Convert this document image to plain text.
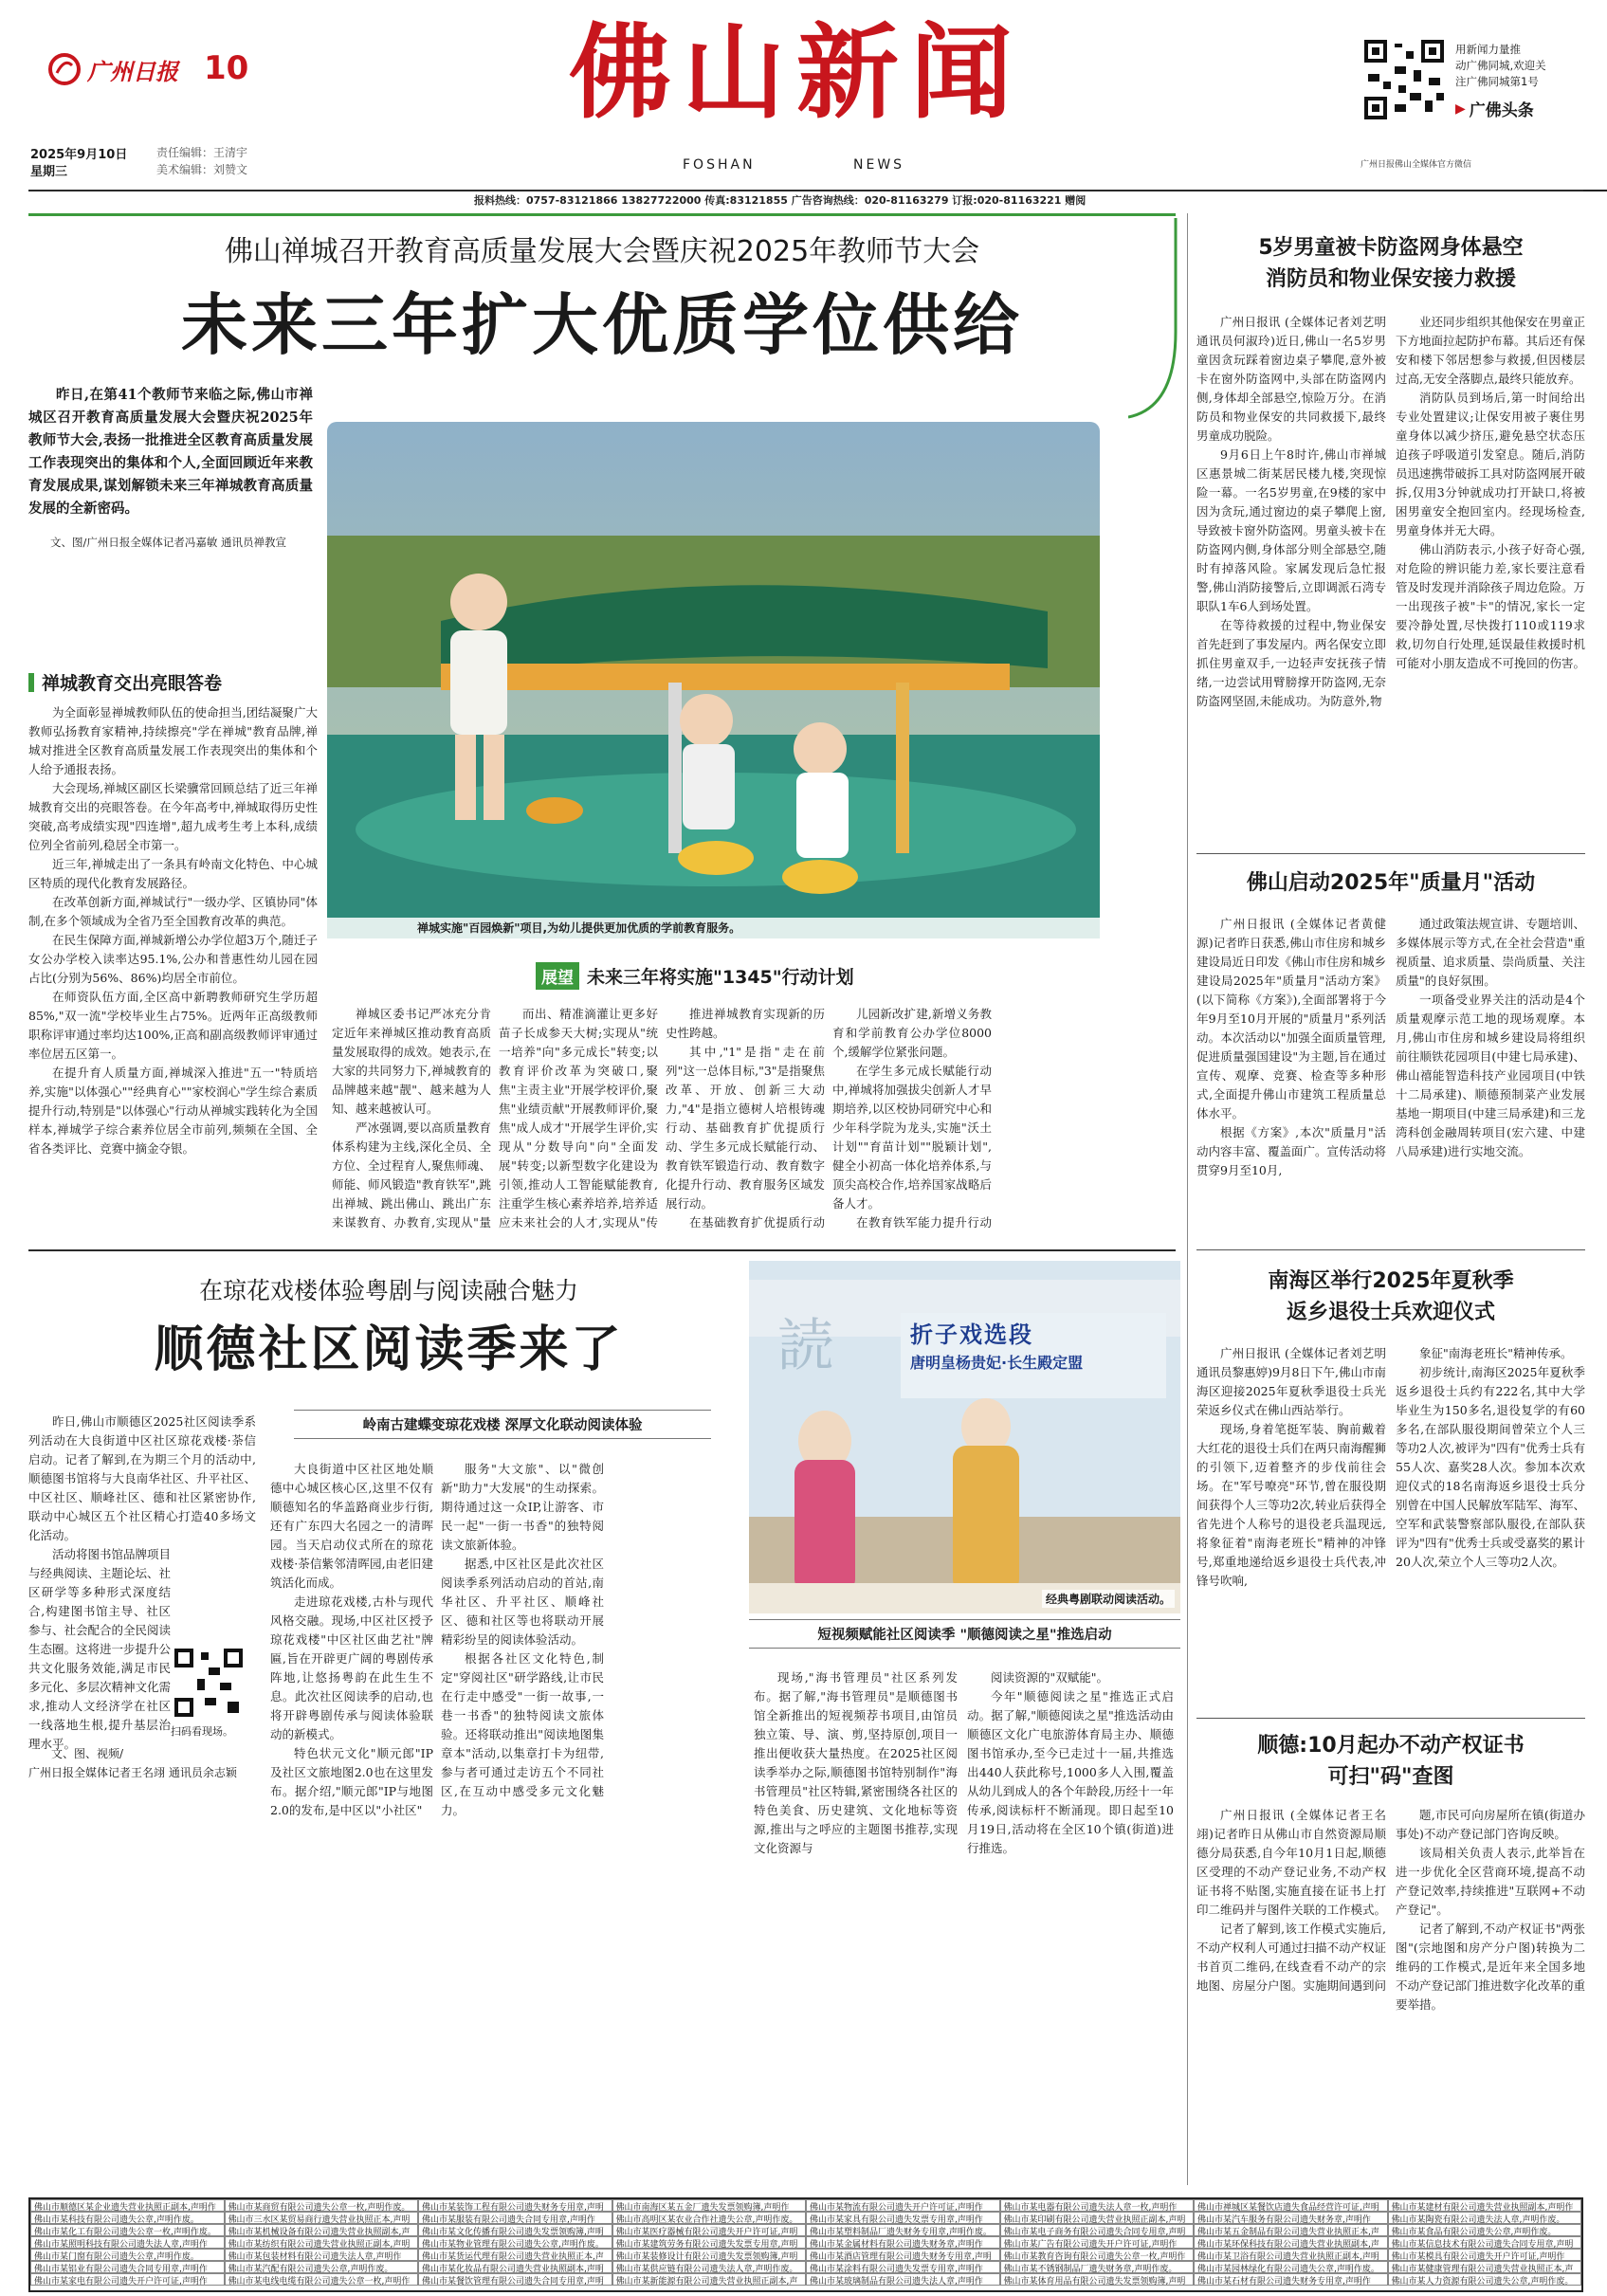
广州日报 10
2025年9月10日
星期三
责任编辑：王清宇
美术编辑：刘赞文
佛山新闻
FOSHAN	NEWS
用新闻力量推
动广佛同城,欢迎关
注广佛同城第1号
▶ 广佛头条
广州日报佛山全媒体官方微信
报料热线：0757-83121866 13827722000 传真:83121855 广告咨询热线：020-81163279 订报:020-81163221 赠阅
佛山禅城召开教育高质量发展大会暨庆祝2025年教师节大会
未来三年扩大优质学位供给

昨日,在第41个教师节来临之际,佛山市禅城区召开教育高质量发展大会暨庆祝2025年教师节大会,表扬一批推进全区教育高质量发展工作表现突出的集体和个人,全面回顾近年来教育发展成果,谋划解锁未来三年禅城教育高质量发展的全新密码。

文、图/广州日报全媒体记者冯嘉敏 通讯员禅教宣

禅城实施"百园焕新"项目,为幼儿提供更加优质的学前教育服务。
禅城教育交出亮眼答卷

为全面彰显禅城教师队伍的使命担当,团结凝聚广大教师弘扬教育家精神,持续擦亮"学在禅城"教育品牌,禅城对推进全区教育高质量发展工作表现突出的集体和个人给予通报表扬。

大会现场,禅城区副区长梁骥常回顾总结了近三年禅城教育交出的亮眼答卷。在今年高考中,禅城取得历史性突破,高考成绩实现"四连增",超九成考生考上本科,成绩位列全省前列,稳居全市第一。

近三年,禅城走出了一条具有岭南文化特色、中心城区特质的现代化教育发展路径。

在改革创新方面,禅城试行"一级办学、区镇协同"体制,在多个领域成为全省乃至全国教育改革的典范。

在民生保障方面,禅城新增公办学位超3万个,随迁子女公办学校入读率达95.1%,公办和普惠性幼儿园在园占比(分别为56%、86%)均居全市前位。

在师资队伍方面,全区高中新聘教师研究生学历超85%,"双一流"学校毕业生占75%。近两年正高级教师职称评审通过率均达100%,正高和副高级教师评审通过率位居五区第一。

在提升育人质量方面,禅城深入推进"五一"特质培养,实施"以体强心""经典育心""家校润心"学生综合素质提升行动,特别是"以体强心"行动从禅城实践转化为全国样本,禅城学子综合素养位居全市前列,频频在全国、全省各类评比、竞赛中摘金夺银。

展望 未来三年将实施"1345"行动计划

禅城区委书记严冰充分肯定近年来禅城区推动教育高质量发展取得的成效。她表示,在大家的共同努力下,禅城教育的品牌越来越"靓"、越来越为人知、越来越被认可。

严冰强调,要以高质量教育体系构建为主线,深化全员、全方位、全过程育人,聚焦师魂、师能、师风锻造"教育铁军",跳出禅城、跳出佛山、跳出广东来谋教育、办教育,实现从"量

而出、精准滴灌让更多好苗子长成参天大树;实现从"统一培养"向"多元成长"转变;以教育评价改革为突破口,聚焦"主责主业"开展学校评价,聚焦"业绩贡献"开展教师评价,聚焦"成人成才"开展学生评价,实现从"分数导向"向"全面发展"转变;以新型数字化建设为引领,推动人工智能赋能教育,注重学生核心素养培养,培养适应未来社会的人才,实现从"传

推进禅城教育实现新的历史性跨越。

其中,"1"是指"走在前列"这一总体目标,"3"是指聚焦改革、开放、创新三大动力,"4"是指立德树人培根铸魂行动、基础教育扩优提质行动、学生多元成长赋能行动、教育铁军锻造行动、教育数字化提升行动、教育服务区域发展行动。

在基础教育扩优提质行动

儿园新改扩建,新增义务教育和学前教育公办学位8000个,缓解学位紧张问题。

在学生多元成长赋能行动中,禅城将加强拔尖创新人才早期培养,以区校协同研究中心和少年科学院为龙头,实施"沃土计划""育苗计划""脱颖计划",健全小初高一体化培养体系,与顶尖高校合作,培养国家战略后备人才。

在教育铁军能力提升行动

在琼花戏楼体验粤剧与阅读融合魅力
顺德社区阅读季来了

昨日,佛山市顺德区2025社区阅读季系列活动在大良街道中区社区琼花戏楼·荼信启动。记者了解到,在为期三个月的活动中,顺德图书馆将与大良南华社区、升平社区、中区社区、顺峰社区、德和社区紧密协作,联动中心城区五个社区精心打造40多场文化活动。

活动将图书馆品牌项目与经典阅读、主题论坛、社区研学等多种形式深度结合,构建图书馆主导、社区参与、社会配合的全民阅读生态圈。这将进一步提升公共文化服务效能,满足市民多元化、多层次精神文化需求,推动人文经济学在社区一线落地生根,提升基层治理水平。

扫码看现场。
文、图、视频/
广州日报全媒体记者王名翊 通讯员余志颖
岭南古建蝶变琼花戏楼 深厚文化联动阅读体验

大良街道中区社区地处顺德中心城区核心区,这里不仅有顺德知名的华盖路商业步行街,还有广东四大名园之一的清晖园。当天启动仪式所在的琼花戏楼·荼信紫邻清晖园,由老旧建筑活化而成。

走进琼花戏楼,古朴与现代风格交融。现场,中区社区授予琼花戏楼"中区社区曲艺社"牌匾,旨在开辟更广阔的粤剧传承阵地,让悠扬粤韵在此生生不息。此次社区阅读季的启动,也将开辟粤剧传承与阅读体验联动的新模式。

特色状元文化"顺元郎"IP及社区文旅地图2.0也在这里发布。据介绍,"顺元郎"IP与地图2.0的发布,是中区以"小社区"

服务"大文旅"、以"微创新"助力"大发展"的生动探索。期待通过这一众IP,让游客、市民一起"一街一书香"的独特阅读文旅新体验。

据悉,中区社区是此次社区阅读季系列活动启动的首站,南华社区、升平社区、顺峰社区、德和社区等也将联动开展精彩纷呈的阅读体验活动。

根据各社区文化特色,制定"穿阅社区"研学路线,让市民在行走中感受"一街一故事,一巷一书香"的独特阅读文旅体验。还将联动推出"阅读地图集章本"活动,以集章打卡为纽带,参与者可通过走访五个不同社区,在互动中感受多元文化魅力。

読	折子戏选段
唐明皇杨贵妃·长生殿定盟
经典粤剧联动阅读活动。
短视频赋能社区阅读季 "顺德阅读之星"推选启动

现场,"海书管理员"社区系列发布。据了解,"海书管理员"是顺德图书馆全新推出的短视频荐书项目,由馆员独立策、导、演、剪,坚持原创,项目一推出便收获大量热度。在2025社区阅读季举办之际,顺德图书馆特别制作"海书管理员"社区特辑,紧密围绕各社区的特色美食、历史建筑、文化地标等资源,推出与之呼应的主题图书推荐,实现文化资源与

阅读资源的"双赋能"。

今年"顺德阅读之星"推选正式启动。据了解,"顺德阅读之星"推选活动由顺德区文化广电旅游体育局主办、顺德图书馆承办,至今已走过十一届,共推选出440人获此称号,1000多人入围,覆盖从幼儿到成人的各个年龄段,历经十一年传承,阅读标杆不断涌现。即日起至10月19日,活动将在全区10个镇(街道)进行推选。

5岁男童被卡防盗网身体悬空
消防员和物业保安接力救援

广州日报讯 (全媒体记者刘艺明 通讯员何淑玲)近日,佛山一名5岁男童因贪玩踩着窗边桌子攀爬,意外被卡在窗外防盗网中,头部在防盗网内侧,身体却全部悬空,惊险万分。在消防员和物业保安的共同救援下,最终男童成功脱险。

9月6日上午8时许,佛山市禅城区惠景城二街某居民楼九楼,突现惊险一幕。一名5岁男童,在9楼的家中因为贪玩,通过窗边的桌子攀爬上窗,导致被卡窗外防盗网。男童头被卡在防盗网内侧,身体部分则全部悬空,随时有掉落风险。家属发现后急忙报警,佛山消防接警后,立即调派石湾专职队1车6人到场处置。

在等待救援的过程中,物业保安首先赶到了事发屋内。两名保安立即抓住男童双手,一边轻声安抚孩子情绪,一边尝试用臂膀撑开防盗网,无奈防盗网坚固,未能成功。为防意外,物

业还同步组织其他保安在男童正下方地面拉起防护布幕。其后还有保安和楼下邻居想参与救援,但因楼层过高,无安全落脚点,最终只能放弃。

消防队员到场后,第一时间给出专业处置建议;让保安用被子裹住男童身体以减少挤压,避免悬空状态压迫孩子呼吸道引发窒息。随后,消防员迅速携带破拆工具对防盗网展开破拆,仅用3分钟就成功打开缺口,将被困男童安全抱回室内。经现场检查,男童身体并无大碍。

佛山消防表示,小孩子好奇心强,对危险的辨识能力差,家长要注意看管及时发现并消除孩子周边危险。万一出现孩子被"卡"的情况,家长一定要冷静处置,尽快拨打110或119求救,切勿自行处理,延误最佳救援时机可能对小朋友造成不可挽回的伤害。

佛山启动2025年"质量月"活动

广州日报讯 (全媒体记者黄健源)记者昨日获悉,佛山市住房和城乡建设局近日印发《佛山市住房和城乡建设局2025年"质量月"活动方案》(以下简称《方案》),全面部署将于今年9月至10月开展的"质量月"系列活动。本次活动以"加强全面质量管理,促进质量强国建设"为主题,旨在通过宣传、观摩、竞赛、检查等多种形式,全面提升佛山市建筑工程质量总体水平。

根据《方案》,本次"质量月"活动内容丰富、覆盖面广。宣传活动将贯穿9月至10月,

通过政策法规宣讲、专题培训、多媒体展示等方式,在全社会营造"重视质量、追求质量、崇尚质量、关注质量"的良好氛围。

一项备受业界关注的活动是4个质量观摩示范工地的现场观摩。本月,佛山市住房和城乡建设局将组织前往顺铁花园项目(中建七局承建)、佛山禧能智造科技产业园项目(中铁十二局承建)、顺德预制菜产业发展基地一期项目(中建三局承建)和三龙湾科创金融周转项目(宏六建、中建八局承建)进行实地交流。

南海区举行2025年夏秋季
返乡退役士兵欢迎仪式

广州日报讯 (全媒体记者刘艺明 通讯员黎惠婷)9月8日下午,佛山市南海区迎接2025年夏秋季退役士兵光荣返乡仪式在佛山西站举行。

现场,身着笔挺军装、胸前戴着大红花的退役士兵们在两只南海醒狮的引领下,迈着整齐的步伐前往会场。在"军号嘹亮"环节,曾在服役期间获得个人三等功2次,转业后获得全省先进个人称号的退役老兵温现远,将象征着"南海老班长"精神的冲锋号,郑重地递给返乡退役士兵代表,冲锋号吹响,

象征"南海老班长"精神传承。

初步统计,南海区2025年夏秋季返乡退役士兵约有222名,其中大学毕业生为150多名,退役复学的有60多名,在部队服役期间曾荣立个人三等功2人次,被评为"四有"优秀士兵有55人次、嘉奖28人次。参加本次欢迎仪式的18名南海返乡退役士兵分别曾在中国人民解放军陆军、海军、空军和武装警察部队服役,在部队获评为"四有"优秀士兵或受嘉奖的累计20人次,荣立个人三等功2人次。

顺德:10月起办不动产权证书
可扫"码"查图

广州日报讯 (全媒体记者王名翊)记者昨日从佛山市自然资源局顺德分局获悉,自今年10月1日起,顺德区受理的不动产登记业务,不动产权证书将不贴图,实施直接在证书上打印二维码并与图件关联的工作模式。

记者了解到,该工作模式实施后,不动产权利人可通过扫描不动产权证书首页二维码,在线查看不动产的宗地图、房屋分户图。实施期间遇到问

题,市民可向房屋所在镇(街道办事处)不动产登记部门咨询反映。

该局相关负责人表示,此举旨在进一步优化全区营商环境,提高不动产登记效率,持续推进"互联网+不动产登记"。

记者了解到,不动产权证书"两张图"(宗地图和房产分户图)转换为二维码的工作模式,是近年来全国多地不动产登记部门推进数字化改革的重要举措。

佛山市顺德区某企业遗失营业执照正副本,声明作	佛山市某商贸有限公司遗失公章一枚,声明作废。	佛山市某装饰工程有限公司遗失财务专用章,声明	佛山市南海区某五金厂遗失发票领购簿,声明作	佛山市某物流有限公司遗失开户许可证,声明作	佛山市某电器有限公司遗失法人章一枚,声明作	佛山市禅城区某餐饮店遗失食品经营许可证,声明	佛山市某建材有限公司遗失营业执照副本,声明作
佛山市某科技有限公司遗失公章,声明作废。	佛山市三水区某贸易商行遗失营业执照正本,声明	佛山市某服装有限公司遗失合同专用章,声明作	佛山市高明区某农业合作社遗失公章,声明作废。	佛山市某家具有限公司遗失发票专用章,声明作	佛山市某印刷有限公司遗失营业执照正副本,声明	佛山市某汽车服务有限公司遗失财务章,声明作	佛山市某陶瓷有限公司遗失法人章,声明作废。
佛山市某化工有限公司遗失公章一枚,声明作废。	佛山市某机械设备有限公司遗失营业执照副本,声	佛山市某文化传播有限公司遗失发票领购簿,声明	佛山市某医疗器械有限公司遗失开户许可证,声明	佛山市某塑料制品厂遗失财务专用章,声明作废。	佛山市某电子商务有限公司遗失合同专用章,声明	佛山市某五金制品有限公司遗失营业执照正本,声	佛山市某食品有限公司遗失公章,声明作废。
佛山市某照明科技有限公司遗失法人章,声明作	佛山市某纺织有限公司遗失营业执照正副本,声明	佛山市某物业管理有限公司遗失公章,声明作废。	佛山市某建筑劳务有限公司遗失发票专用章,声明	佛山市某金属材料有限公司遗失财务章,声明作	佛山市某广告有限公司遗失开户许可证,声明作	佛山市某环保科技有限公司遗失营业执照副本,声	佛山市某信息技术有限公司遗失合同专用章,声明
佛山市某门窗有限公司遗失公章,声明作废。	佛山市某包装材料有限公司遗失法人章,声明作	佛山市某货运代理有限公司遗失营业执照正本,声	佛山市某装修设计有限公司遗失发票领购簿,声明	佛山市某酒店管理有限公司遗失财务专用章,声明	佛山市某教育咨询有限公司遗失公章一枚,声明作	佛山市某卫浴有限公司遗失营业执照正副本,声明	佛山市某模具有限公司遗失开户许可证,声明作
佛山市某铝业有限公司遗失合同专用章,声明作	佛山市某汽配有限公司遗失公章,声明作废。	佛山市某化妆品有限公司遗失营业执照副本,声明	佛山市某供应链有限公司遗失法人章,声明作废。	佛山市某涂料有限公司遗失发票专用章,声明作	佛山市某不锈钢制品厂遗失财务章,声明作废。	佛山市某园林绿化有限公司遗失公章,声明作废。	佛山市某健康管理有限公司遗失营业执照正本,声
佛山市某家电有限公司遗失开户许可证,声明作	佛山市某电线电缆有限公司遗失公章一枚,声明作	佛山市某餐饮管理有限公司遗失合同专用章,声明	佛山市某新能源有限公司遗失营业执照正副本,声	佛山市某玻璃制品有限公司遗失法人章,声明作	佛山市某体育用品有限公司遗失发票领购簿,声明	佛山市某石材有限公司遗失财务专用章,声明作	佛山市某人力资源有限公司遗失公章,声明作废。
